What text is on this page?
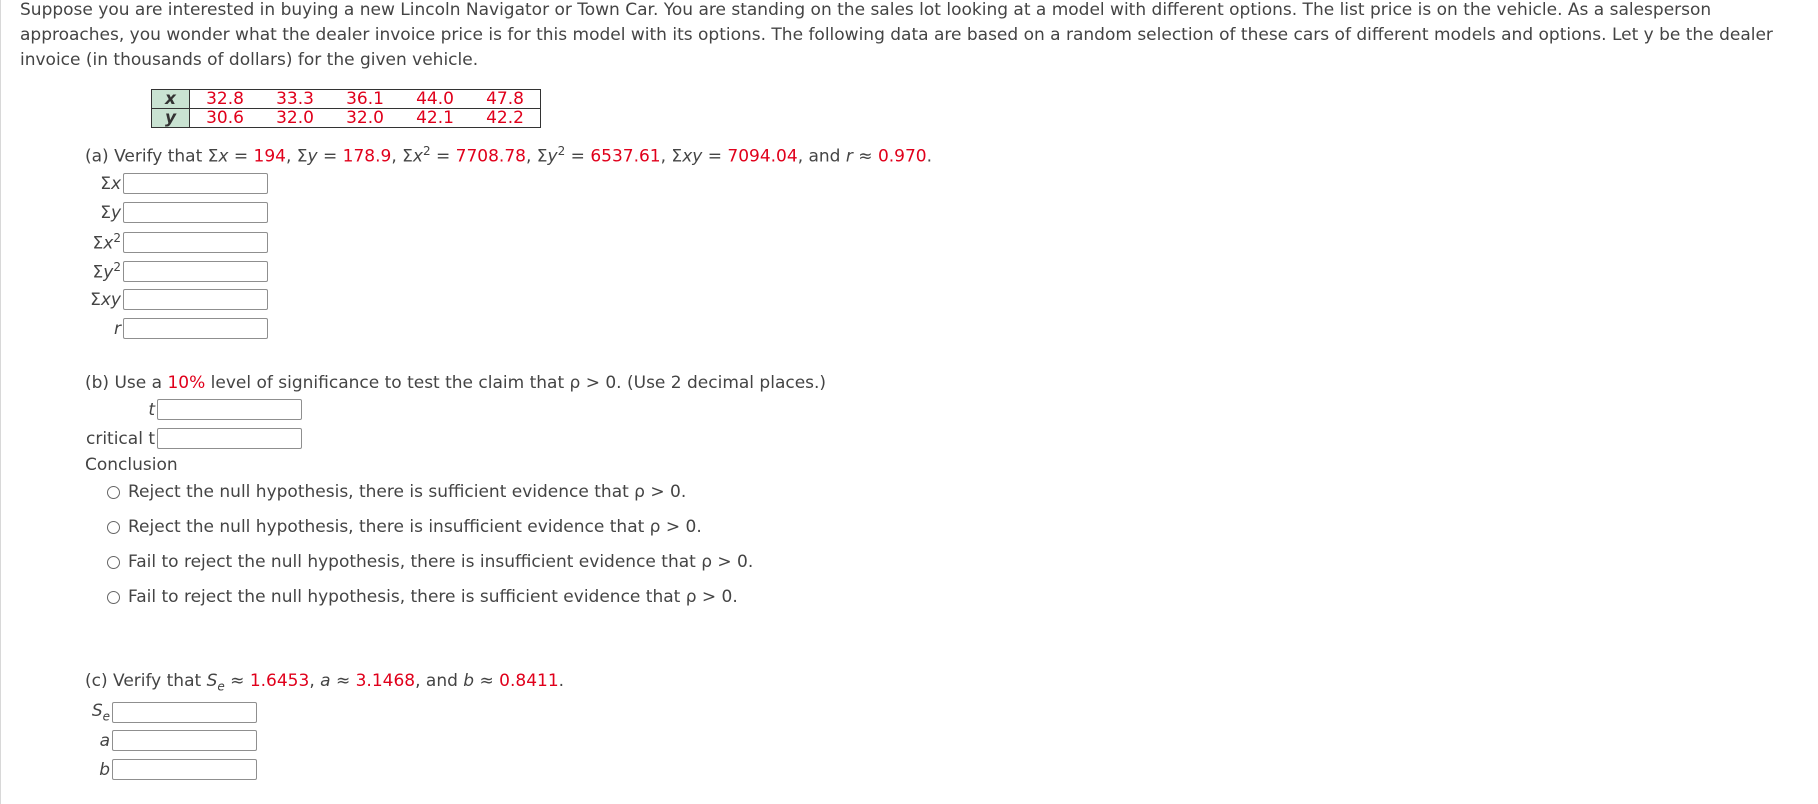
Suppose you are interested in buying a new Lincoln Navigator or Town Car. You are standing on the sales lot looking at a model with different options. The list price is on the vehicle. As a salesperson approaches, you wonder what the dealer invoice price is for this model with its options. The following data are based on a random selection of these cars of different models and options. Let y be the dealer invoice (in thousands of dollars) for the given vehicle.

x	32.8	33.3	36.1	44.0	47.8
y	30.6	32.0	32.0	42.1	42.2

(a) Verify that Σx = 194, Σy = 178.9, $\Sigma x^2 = 7708.78$, $\Sigma y^2 = 6537.61$, Σxy = 7094.04, and r ≈ 0.970.

Σx
Σy
$\Sigma x^2$
$\Sigma y^2$
Σxy
r

(b) Use a 10% level of significance to test the claim that ρ > 0. (Use 2 decimal places.)

t
critical t

Conclusion

Reject the null hypothesis, there is sufficient evidence that ρ > 0.
Reject the null hypothesis, there is insufficient evidence that ρ > 0.
Fail to reject the null hypothesis, there is insufficient evidence that ρ > 0.
Fail to reject the null hypothesis, there is sufficient evidence that ρ > 0.

(c) Verify that $S_e \approx 1.6453$, a ≈ 3.1468, and b ≈ 0.8411.

$S_e$
a
b
